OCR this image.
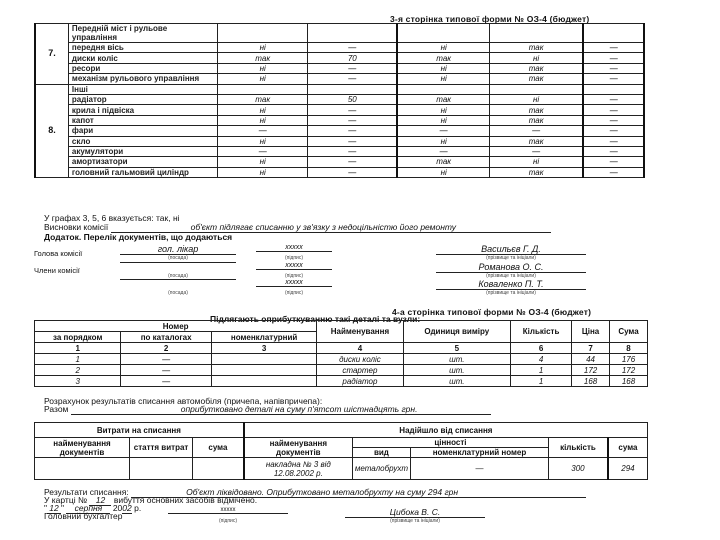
3-я сторінка типової форми № ОЗ-4 (бюджет)
7.	Передній міст і рульове управління					
	передня вісь	ні	—	ні	так	—
	диски коліс	так	70	так	ні	—
	ресори	ні	—	ні	так	—
	механізм рульового управління	ні	—	ні	так	—
8.	Інші					
	радіатор	так	50	так	ні	—
	крила і підвіска	ні	—	ні	так	—
	капот	ні	—	ні	так	—
	фари	—	—	—	—	—
	скло	ні	—	ні	так	—
	акумулятори	—	—	—	—	—
	амортизатори	ні	—	так	ні	—
	головний гальмовий циліндр	ні	—	ні	так	—
У графах 3, 5, 6 вказується: так, ні
Висновки комісії	об'єкт підлягає списанню у зв'язку з недоцільністю його ремонту
Додаток. Перелік документів, що додаються
Голова комісії
Члени комісії
гол. лікар
(посада)
xxxxx
(підпис)
Васильєв Г. Д.
(прізвище та ініціали)
(посада)
xxxxx
(підпис)
Романова О. С.
(прізвище та ініціали)
(посада)
xxxxx
(підпис)
Коваленко П. Т.
(прізвище та ініціали)
4-а сторінка типової форми № ОЗ-4 (бюджет)
Підлягають оприбуткуванню такі деталі та вузли:
Номер			Найменування	Одиниця виміру	Кількість	Ціна	Сума
за порядком	по каталогах	номенклатурний					
1	2	3	4	5	6	7	8
1	—		диски коліс	шт.	4	44	176
2	—		стартер	шт.	1	172	172
3	—		радіатор	шт.	1	168	168
Розрахунок результатів списання автомобіля (причепа, напівпричепа):
Разом	оприбутковано деталі на суму п'ятсот шістнадцять грн.
Витрати на списання			Надійшло від списання				
найменування документів	стаття витрат	сума	найменування документів	цінності		кількість	сума
				вид	номенклатурний номер		
			накладна № 3 від 12.08.2002 р.	металобрухт	—	300	294
Результати списання:	Об'єкт ліквідовано. Оприбутковано металобрухту на суму 294 грн
У картці № 12 вибуття основних засобів відмічено.
" 12 " серпня 2002 р.
Головний бухгалтер
xxxxx
(підпис)
Цибока В. С.
(прізвище та ініціали)
